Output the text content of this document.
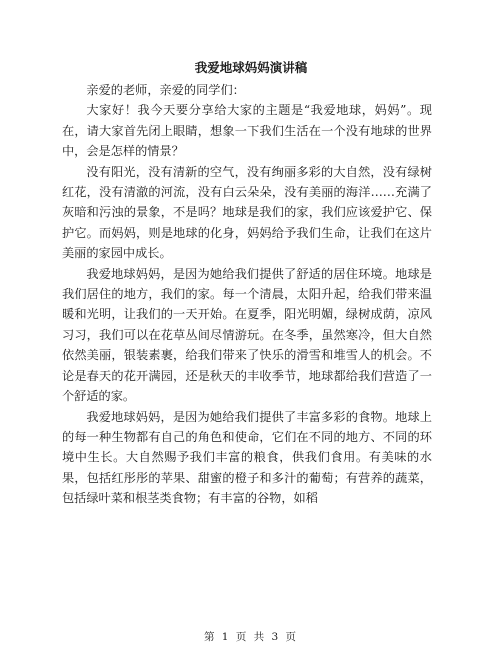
我爱地球妈妈演讲稿

亲爱的老师，亲爱的同学们：

大家好！我今天要分享给大家的主题是“我爱地球，妈妈”。现在，请大家首先闭上眼睛，想象一下我们生活在一个没有地球的世界中，会是怎样的情景？

没有阳光，没有清新的空气，没有绚丽多彩的大自然，没有绿树红花，没有清澈的河流，没有白云朵朵，没有美丽的海洋……充满了灰暗和污浊的景象，不是吗？地球是我们的家，我们应该爱护它、保护它。而妈妈，则是地球的化身，妈妈给予我们生命，让我们在这片美丽的家园中成长。

我爱地球妈妈，是因为她给我们提供了舒适的居住环境。地球是我们居住的地方，我们的家。每一个清晨，太阳升起，给我们带来温暖和光明，让我们的一天开始。在夏季，阳光明媚，绿树成荫，凉风习习，我们可以在花草丛间尽情游玩。在冬季，虽然寒冷，但大自然依然美丽，银装素裹，给我们带来了快乐的滑雪和堆雪人的机会。不论是春天的花开满园，还是秋天的丰收季节，地球都给我们营造了一个舒适的家。

我爱地球妈妈，是因为她给我们提供了丰富多彩的食物。地球上的每一种生物都有自己的角色和使命，它们在不同的地方、不同的环境中生长。大自然赐予我们丰富的粮食，供我们食用。有美味的水果，包括红彤彤的苹果、甜蜜的橙子和多汁的葡萄；有营养的蔬菜，包括绿叶菜和根茎类食物；有丰富的谷物，如稻

第 1 页 共 3 页
